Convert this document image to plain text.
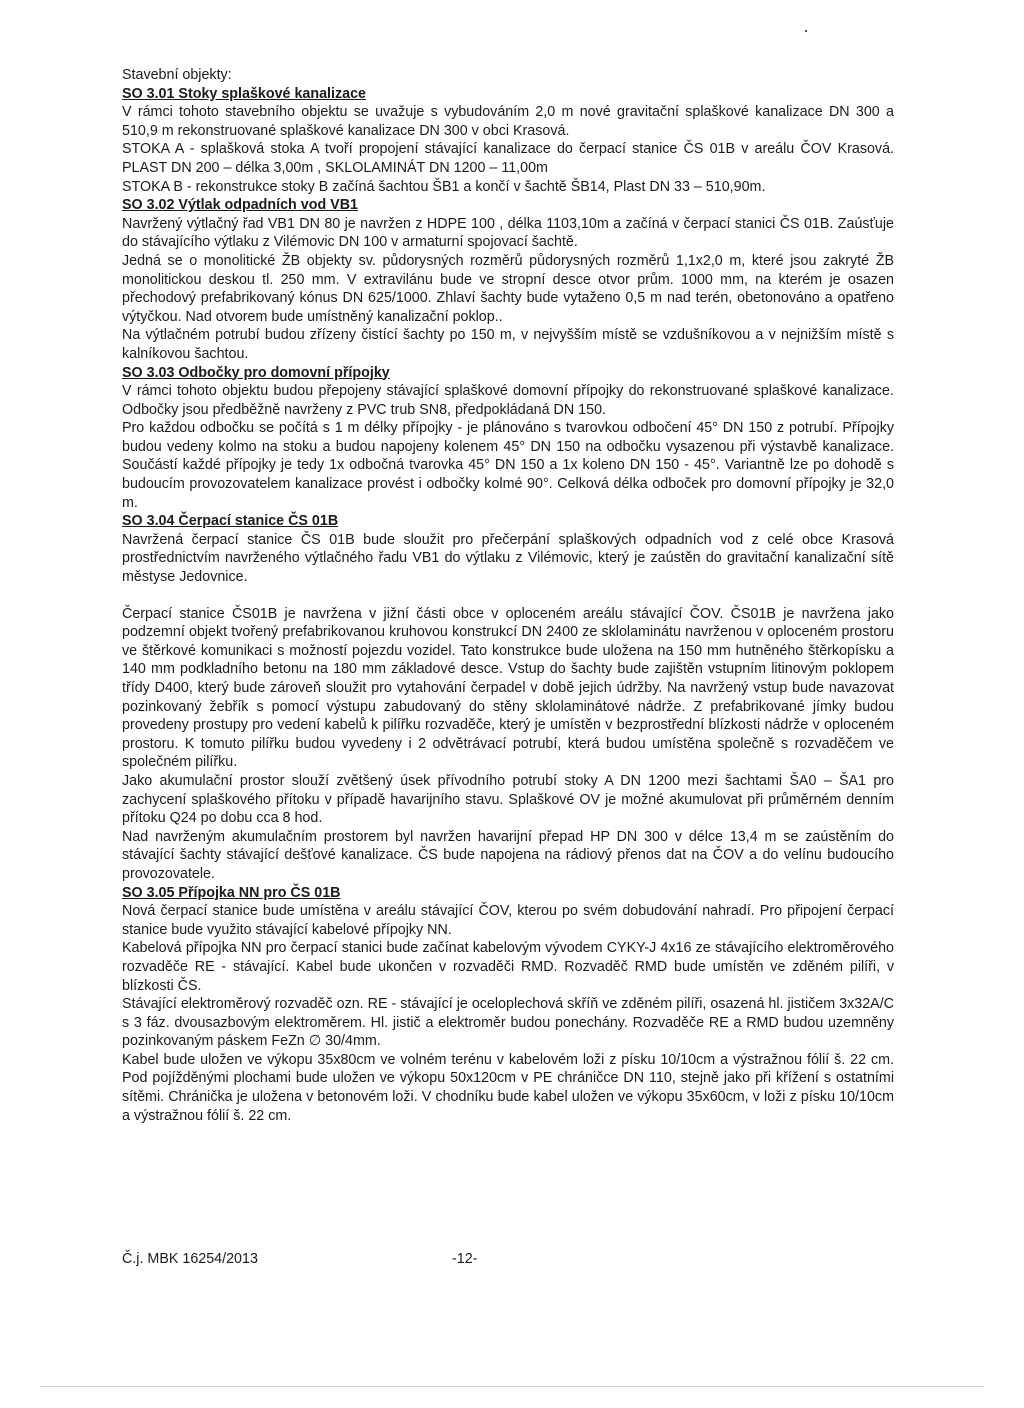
Stavební objekty:

SO 3.01 Stoky splaškové kanalizace

V rámci tohoto stavebního objektu se uvažuje s vybudováním 2,0 m nové gravitační splaškové kanalizace DN 300 a 510,9 m rekonstruované splaškové kanalizace DN 300 v obci Krasová.

STOKA A - splašková stoka A tvoří propojení stávající kanalizace do čerpací stanice ČS 01B v areálu ČOV Krasová. PLAST DN 200 – délka 3,00m , SKLOLAMINÁT DN 1200 – 11,00m

STOKA B - rekonstrukce stoky B začíná šachtou ŠB1 a končí v šachtě ŠB14, Plast DN 33 – 510,90m.

SO 3.02 Výtlak odpadních vod VB1

Navržený výtlačný řad VB1 DN 80 je navržen z HDPE 100 , délka 1103,10m a začíná v čerpací stanici ČS 01B. Zaúsťuje do stávajícího výtlaku z Vilémovic DN 100 v armaturní spojovací šachtě.

Jedná se o monolitické ŽB objekty sv. půdorysných rozměrů půdorysných rozměrů 1,1x2,0 m, které jsou zakryté ŽB monolitickou deskou tl. 250 mm. V extravilánu bude ve stropní desce otvor prům. 1000 mm, na kterém je osazen přechodový prefabrikovaný kónus DN 625/1000. Zhlaví šachty bude vytaženo 0,5 m nad terén, obetonováno a opatřeno výtyčkou. Nad otvorem bude umístněný kanalizační poklop..

Na výtlačném potrubí budou zřízeny čistící šachty po 150 m, v nejvyšším místě se vzdušníkovou a v nejnižším místě s kalníkovou šachtou.

SO 3.03 Odbočky pro domovní přípojky

V rámci tohoto objektu budou přepojeny stávající splaškové domovní přípojky do rekonstruované splaškové kanalizace. Odbočky jsou předběžně navrženy z PVC trub SN8, předpokládaná DN 150.

Pro každou odbočku se počítá s 1 m délky přípojky - je plánováno s tvarovkou odbočení 45° DN 150 z potrubí. Přípojky budou vedeny kolmo na stoku a budou napojeny kolenem 45° DN 150 na odbočku vysazenou při výstavbě kanalizace. Součástí každé přípojky je tedy 1x odbočná tvarovka 45° DN 150 a 1x koleno DN 150 - 45°. Variantně lze po dohodě s budoucím provozovatelem kanalizace provést i odbočky kolmé 90°. Celková délka odboček pro domovní přípojky je 32,0 m.

SO 3.04 Čerpací stanice ČS 01B

Navržená čerpací stanice ČS 01B bude sloužit pro přečerpání splaškových odpadních vod z celé obce Krasová prostřednictvím navrženého výtlačného řadu VB1 do výtlaku z Vilémovic, který je zaústěn do gravitační kanalizační sítě městyse Jedovnice.

Čerpací stanice ČS01B je navržena v jižní části obce v oploceném areálu stávající ČOV. ČS01B je navržena jako podzemní objekt tvořený prefabrikovanou kruhovou konstrukcí DN 2400 ze sklolaminátu navrženou v oploceném prostoru ve štěrkové komunikaci s možností pojezdu vozidel. Tato konstrukce bude uložena na 150 mm hutněného štěrkopísku a 140 mm podkladního betonu na 180 mm základové desce. Vstup do šachty bude zajištěn vstupním litinovým poklopem třídy D400, který bude zároveň sloužit pro vytahování čerpadel v době jejich údržby. Na navržený vstup bude navazovat pozinkovaný žebřík s pomocí výstupu zabudovaný do stěny sklolaminátové nádrže. Z prefabrikované jímky budou provedeny prostupy pro vedení kabelů k pilířku rozvaděče, který je umístěn v bezprostřední blízkosti nádrže v oploceném prostoru. K tomuto pilířku budou vyvedeny i 2 odvětrávací potrubí, která budou umístěna společně s rozvaděčem ve společném pilířku.

Jako akumulační prostor slouží zvětšený úsek přívodního potrubí stoky A DN 1200 mezi šachtami ŠA0 – ŠA1 pro zachycení splaškového přítoku v případě havarijního stavu. Splaškové OV je možné akumulovat při průměrném denním přítoku Q24 po dobu cca 8 hod.

Nad navrženým akumulačním prostorem byl navržen havarijní přepad HP DN 300 v délce 13,4 m se zaústěním do stávající šachty stávající dešťové kanalizace. ČS bude napojena na rádiový přenos dat na ČOV a do velínu budoucího provozovatele.

SO 3.05 Přípojka NN pro ČS 01B

Nová čerpací stanice bude umístěna v areálu stávající ČOV, kterou po svém dobudování nahradí. Pro připojení čerpací stanice bude využito stávající kabelové přípojky NN.

Kabelová přípojka NN pro čerpací stanici bude začínat kabelovým vývodem CYKY-J 4x16 ze stávajícího elektroměrového rozvaděče RE - stávající. Kabel bude ukončen v rozvaděči RMD. Rozvaděč RMD bude umístěn ve zděném pilíři, v blízkosti ČS.

Stávající elektroměrový rozvaděč ozn. RE - stávající je oceloplechová skříň ve zděném pilíři, osazená hl. jističem 3x32A/C s 3 fáz. dvousazbovým elektroměrem. Hl. jistič a elektroměr budou ponechány. Rozvaděče RE a RMD budou uzemněny pozinkovaným páskem FeZn ∅ 30/4mm.

Kabel bude uložen ve výkopu 35x80cm ve volném terénu v kabelovém loži z písku 10/10cm a výstražnou fólií š. 22 cm. Pod pojížděnými plochami bude uložen ve výkopu 50x120cm v PE chráničce DN 110, stejně jako při křížení s ostatními sítěmi. Chránička je uložena v betonovém loži. V chodníku bude kabel uložen ve výkopu 35x60cm, v loži z písku 10/10cm a výstražnou fólií š. 22 cm.

Č.j. MBK 16254/2013	-12-
